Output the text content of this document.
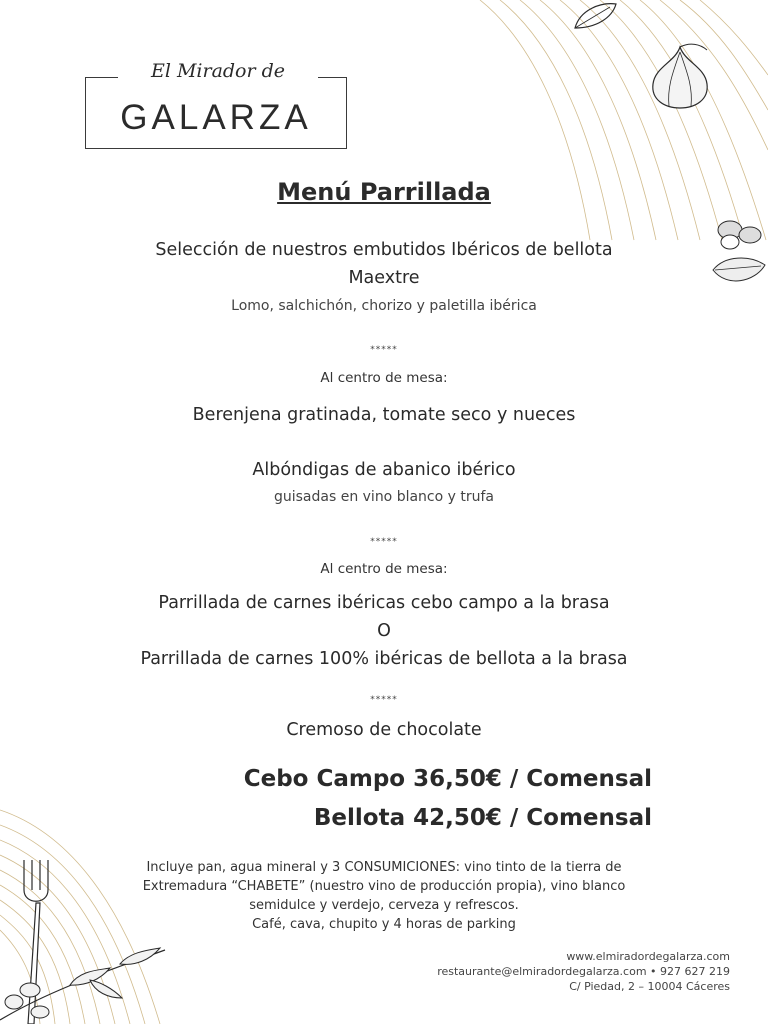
El Mirador de
GALARZA
Menú Parrillada
Selección de nuestros embutidos Ibéricos de bellota
Maextre
Lomo, salchichón, chorizo y paletilla ibérica
*****
Al centro de mesa:
Berenjena gratinada, tomate seco y nueces
Albóndigas de abanico ibérico
guisadas en vino blanco y trufa
*****
Al centro de mesa:
Parrillada de carnes ibéricas cebo campo a la brasa
O
Parrillada de carnes 100% ibéricas de bellota a la brasa
*****
Cremoso de chocolate
Cebo Campo 36,50€ / Comensal
Bellota 42,50€ / Comensal
Incluye pan, agua mineral y 3 CONSUMICIONES: vino tinto de la tierra de
Extremadura “CHABETE” (nuestro vino de producción propia), vino blanco
semidulce y verdejo, cerveza y refrescos.
Café, cava, chupito y 4 horas de parking
www.elmiradordegalarza.com
restaurante@elmiradordegalarza.com • 927 627 219
C/ Piedad, 2 – 10004 Cáceres
